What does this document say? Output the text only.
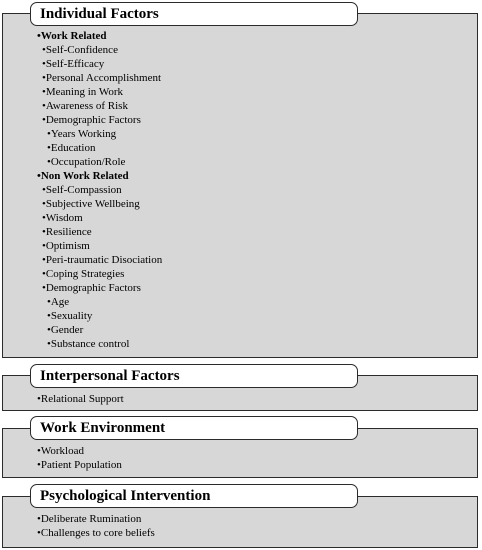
Individual Factors
•Work Related
•Self-Confidence
•Self-Efficacy
•Personal Accomplishment
•Meaning in Work
•Awareness of Risk
•Demographic Factors
•Years Working
•Education
•Occupation/Role
•Non Work Related
•Self-Compassion
•Subjective Wellbeing
•Wisdom
•Resilience
•Optimism
•Peri-traumatic Disociation
•Coping Strategies
•Demographic Factors
•Age
•Sexuality
•Gender
•Substance control
Interpersonal Factors
•Relational Support
Work Environment
•Workload
•Patient Population
Psychological Intervention
•Deliberate Rumination
•Challenges to core beliefs
